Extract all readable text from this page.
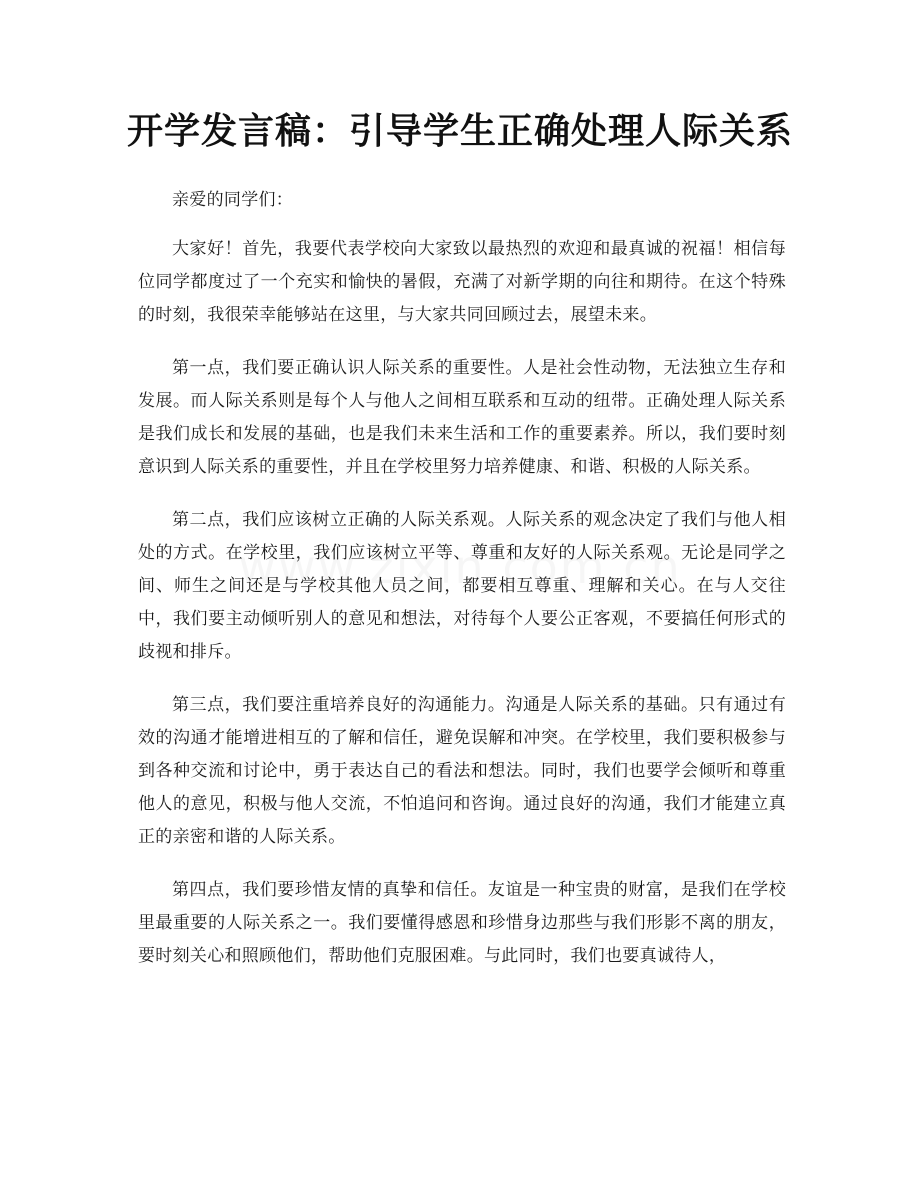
开学发言稿：引导学生正确处理人际关系

亲爱的同学们：

大家好！首先，我要代表学校向大家致以最热烈的欢迎和最真诚的祝福！相信每位同学都度过了一个充实和愉快的暑假，充满了对新学期的向往和期待。在这个特殊的时刻，我很荣幸能够站在这里，与大家共同回顾过去，展望未来。

第一点，我们要正确认识人际关系的重要性。人是社会性动物，无法独立生存和发展。而人际关系则是每个人与他人之间相互联系和互动的纽带。正确处理人际关系是我们成长和发展的基础，也是我们未来生活和工作的重要素养。所以，我们要时刻意识到人际关系的重要性，并且在学校里努力培养健康、和谐、积极的人际关系。

第二点，我们应该树立正确的人际关系观。人际关系的观念决定了我们与他人相处的方式。在学校里，我们应该树立平等、尊重和友好的人际关系观。无论是同学之间、师生之间还是与学校其他人员之间，都要相互尊重、理解和关心。在与人交往中，我们要主动倾听别人的意见和想法，对待每个人要公正客观，不要搞任何形式的歧视和排斥。

第三点，我们要注重培养良好的沟通能力。沟通是人际关系的基础。只有通过有效的沟通才能增进相互的了解和信任，避免误解和冲突。在学校里，我们要积极参与到各种交流和讨论中，勇于表达自己的看法和想法。同时，我们也要学会倾听和尊重他人的意见，积极与他人交流，不怕追问和咨询。通过良好的沟通，我们才能建立真正的亲密和谐的人际关系。

第四点，我们要珍惜友情的真挚和信任。友谊是一种宝贵的财富，是我们在学校里最重要的人际关系之一。我们要懂得感恩和珍惜身边那些与我们形影不离的朋友，要时刻关心和照顾他们，帮助他们克服困难。与此同时，我们也要真诚待人，
